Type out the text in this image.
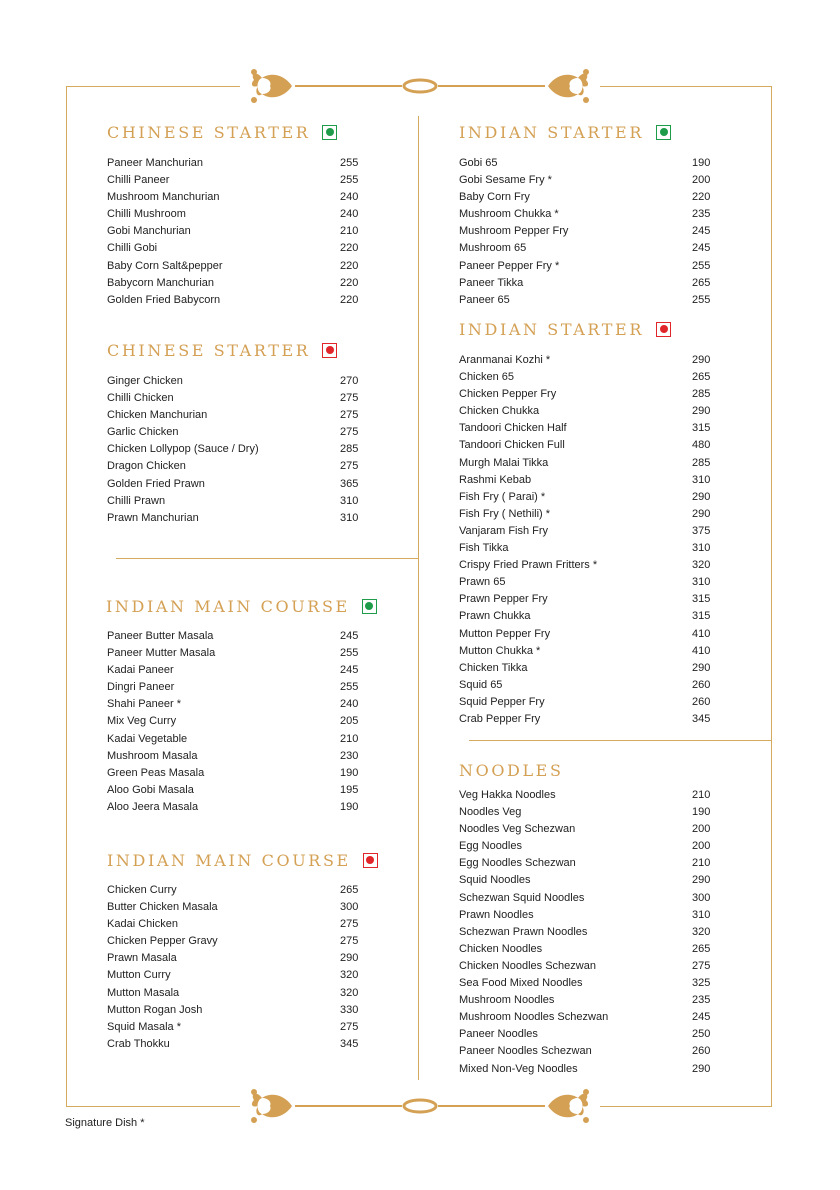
CHINESE STARTER
Paneer Manchurian	255
Chilli Paneer	255
Mushroom Manchurian	240
Chilli Mushroom	240
Gobi Manchurian	210
Chilli Gobi	220
Baby Corn Salt&pepper	220
Babycorn Manchurian	220
Golden Fried Babycorn	220
CHINESE STARTER
Ginger Chicken	270
Chilli Chicken	275
Chicken Manchurian	275
Garlic Chicken	275
Chicken Lollypop (Sauce / Dry)	285
Dragon Chicken	275
Golden Fried Prawn	365
Chilli Prawn	310
Prawn Manchurian	310
INDIAN MAIN COURSE
Paneer Butter Masala	245
Paneer Mutter Masala	255
Kadai Paneer	245
Dingri Paneer	255
Shahi Paneer *	240
Mix Veg Curry	205
Kadai Vegetable	210
Mushroom Masala	230
Green Peas Masala	190
Aloo Gobi Masala	195
Aloo Jeera Masala	190
INDIAN MAIN COURSE
Chicken Curry	265
Butter Chicken Masala	300
Kadai Chicken	275
Chicken Pepper Gravy	275
Prawn Masala	290
Mutton Curry	320
Mutton Masala	320
Mutton Rogan Josh	330
Squid Masala *	275
Crab Thokku	345
INDIAN STARTER
Gobi 65	190
Gobi Sesame Fry *	200
Baby Corn Fry	220
Mushroom Chukka *	235
Mushroom Pepper Fry	245
Mushroom 65	245
Paneer Pepper Fry *	255
Paneer Tikka	265
Paneer 65	255
INDIAN STARTER
Aranmanai Kozhi *	290
Chicken 65	265
Chicken Pepper Fry	285
Chicken Chukka	290
Tandoori Chicken Half	315
Tandoori Chicken Full	480
Murgh Malai Tikka	285
Rashmi Kebab	310
Fish Fry ( Parai) *	290
Fish Fry ( Nethili) *	290
Vanjaram Fish Fry	375
Fish Tikka	310
Crispy Fried Prawn Fritters *	320
Prawn 65	310
Prawn Pepper Fry	315
Prawn Chukka	315
Mutton Pepper Fry	410
Mutton Chukka *	410
Chicken Tikka	290
Squid 65	260
Squid Pepper Fry	260
Crab Pepper Fry	345
NOODLES
Veg Hakka Noodles	210
Noodles Veg	190
Noodles Veg Schezwan	200
Egg Noodles	200
Egg Noodles Schezwan	210
Squid Noodles	290
Schezwan Squid Noodles	300
Prawn Noodles	310
Schezwan Prawn Noodles	320
Chicken Noodles	265
Chicken Noodles Schezwan	275
Sea Food Mixed Noodles	325
Mushroom Noodles	235
Mushroom Noodles Schezwan	245
Paneer Noodles	250
Paneer Noodles Schezwan	260
Mixed Non-Veg Noodles	290
Signature Dish *
